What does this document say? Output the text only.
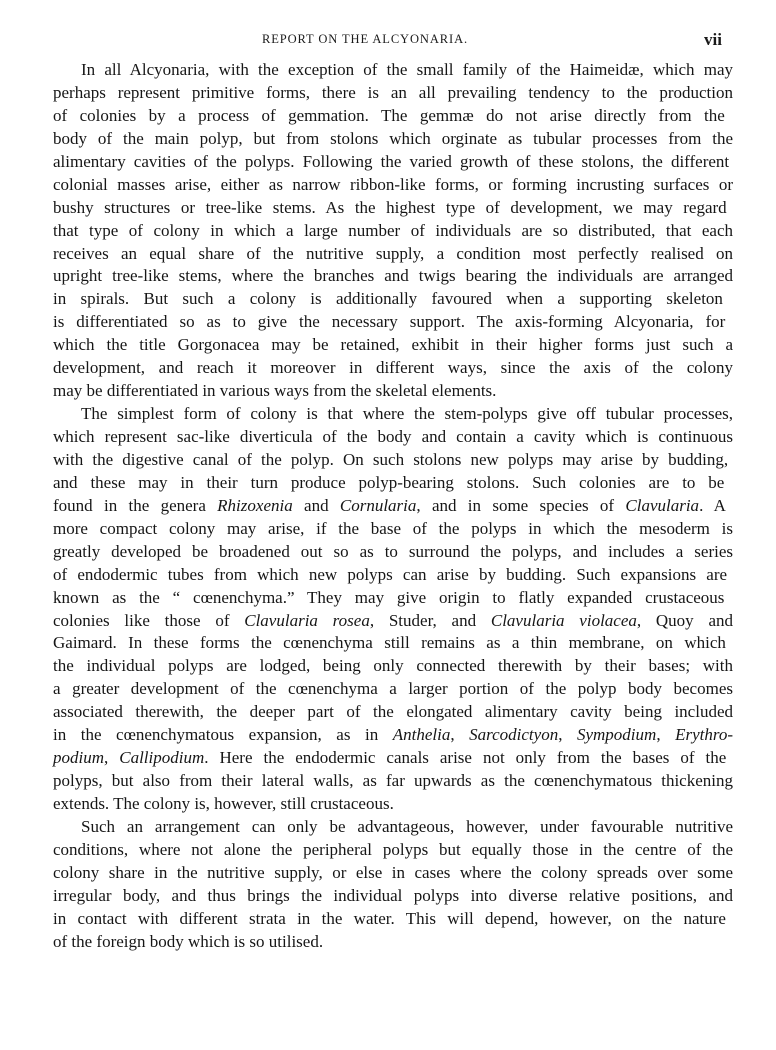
REPORT ON THE ALCYONARIA.	vii
In all Alcyonaria, with the exception of the small family of the Haimeidæ, which may
perhaps represent primitive forms, there is an all prevailing tendency to the production
of colonies by a process of gemmation. The gemmæ do not arise directly from the
body of the main polyp, but from stolons which orginate as tubular processes from the
alimentary cavities of the polyps. Following the varied growth of these stolons, the different
colonial masses arise, either as narrow ribbon-like forms, or forming incrusting surfaces or
bushy structures or tree-like stems. As the highest type of development, we may regard
that type of colony in which a large number of individuals are so distributed, that each
receives an equal share of the nutritive supply, a condition most perfectly realised on
upright tree-like stems, where the branches and twigs bearing the individuals are arranged
in spirals. But such a colony is additionally favoured when a supporting skeleton
is differentiated so as to give the necessary support. The axis-forming Alcyonaria, for
which the title Gorgonacea may be retained, exhibit in their higher forms just such a
development, and reach it moreover in different ways, since the axis of the colony
may be differentiated in various ways from the skeletal elements.
The simplest form of colony is that where the stem-polyps give off tubular processes,
which represent sac-like diverticula of the body and contain a cavity which is continuous
with the digestive canal of the polyp. On such stolons new polyps may arise by budding,
and these may in their turn produce polyp-bearing stolons. Such colonies are to be
found in the genera Rhizoxenia and Cornularia, and in some species of Clavularia. A
more compact colony may arise, if the base of the polyps in which the mesoderm is
greatly developed be broadened out so as to surround the polyps, and includes a series
of endodermic tubes from which new polyps can arise by budding. Such expansions are
known as the “ cœnenchyma.” They may give origin to flatly expanded crustaceous
colonies like those of Clavularia rosea, Studer, and Clavularia violacea, Quoy and
Gaimard. In these forms the cœnenchyma still remains as a thin membrane, on which
the individual polyps are lodged, being only connected therewith by their bases; with
a greater development of the cœnenchyma a larger portion of the polyp body becomes
associated therewith, the deeper part of the elongated alimentary cavity being included
in the cœnenchymatous expansion, as in Anthelia, Sarcodictyon, Sympodium, Erythro-
podium, Callipodium. Here the endodermic canals arise not only from the bases of the
polyps, but also from their lateral walls, as far upwards as the cœnenchymatous thickening
extends. The colony is, however, still crustaceous.
Such an arrangement can only be advantageous, however, under favourable nutritive
conditions, where not alone the peripheral polyps but equally those in the centre of the
colony share in the nutritive supply, or else in cases where the colony spreads over some
irregular body, and thus brings the individual polyps into diverse relative positions, and
in contact with different strata in the water. This will depend, however, on the nature
of the foreign body which is so utilised.
